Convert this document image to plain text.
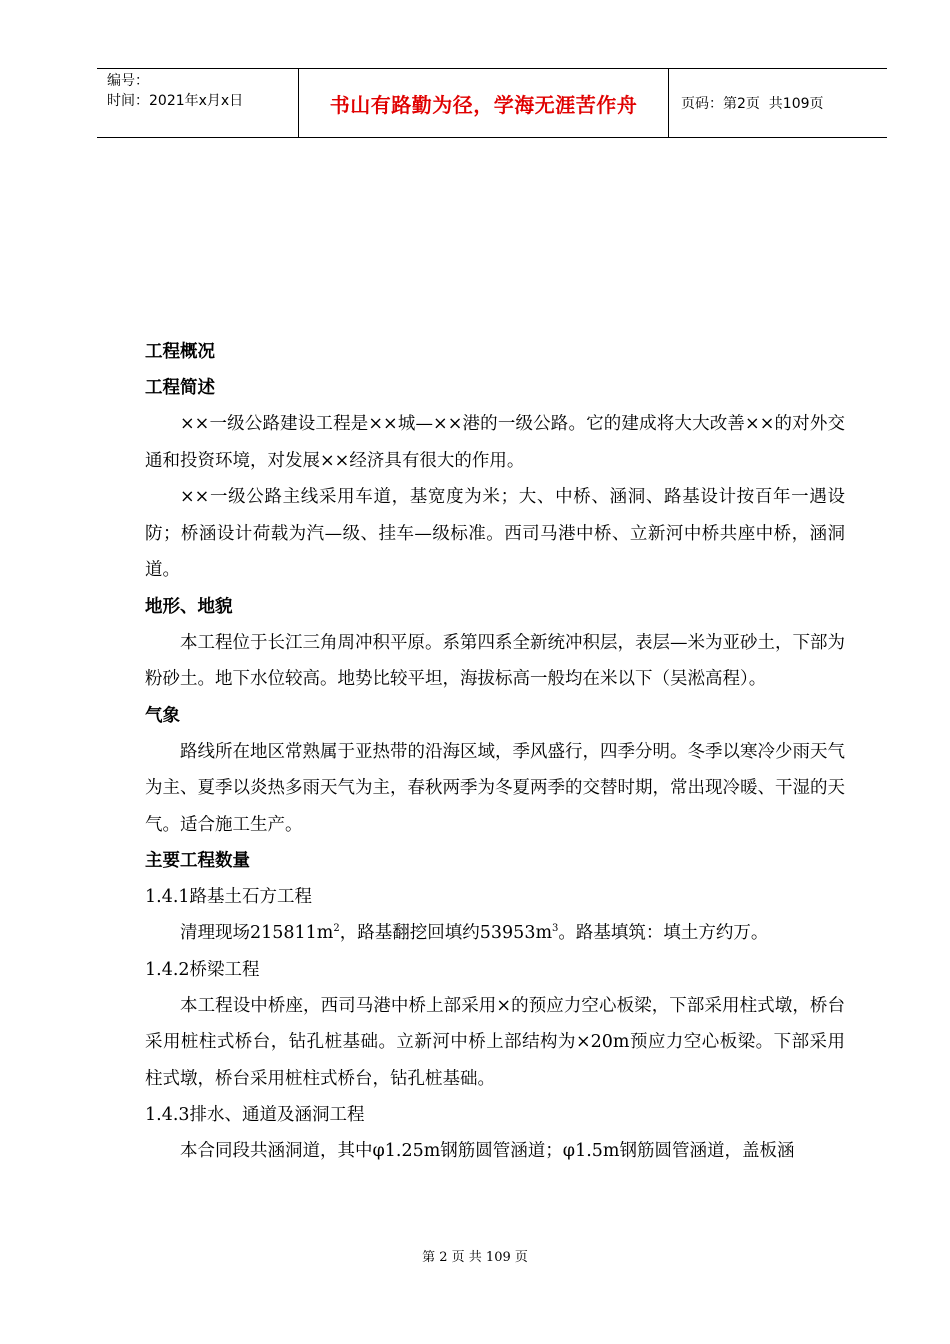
编号：
时间：2021年x月x日	书山有路勤为径，学海无涯苦作舟	页码：第2页  共109页
工程概况
工程简述

××一级公路建设工程是××城—××港的一级公路。它的建成将大大改善××的对外交通和投资环境，对发展××经济具有很大的作用。

××一级公路主线采用车道，基宽度为米；大、中桥、涵洞、路基设计按百年一遇设防；桥涵设计荷载为汽—级、挂车—级标准。西司马港中桥、立新河中桥共座中桥，涵洞道。

地形、地貌

本工程位于长江三角周冲积平原。系第四系全新统冲积层，表层—米为亚砂土，下部为粉砂土。地下水位较高。地势比较平坦，海拔标高一般均在米以下（吴淞高程）。

气象

路线所在地区常熟属于亚热带的沿海区域，季风盛行，四季分明。冬季以寒冷少雨天气为主、夏季以炎热多雨天气为主，春秋两季为冬夏两季的交替时期，常出现冷暖、干湿的天气。适合施工生产。

主要工程数量
1.4.1路基土石方工程

清理现场$215811m^2$，路基翻挖回填约$53953m^3$。路基填筑：填土方约万。

1.4.2桥梁工程

本工程设中桥座，西司马港中桥上部采用×的预应力空心板梁，下部采用柱式墩，桥台采用桩柱式桥台，钻孔桩基础。立新河中桥上部结构为×20m预应力空心板梁。下部采用柱式墩，桥台采用桩柱式桥台，钻孔桩基础。

1.4.3排水、通道及涵洞工程

本合同段共涵洞道，其中φ1.25m钢筋圆管涵道；φ1.5m钢筋圆管涵道，盖板涵

第 2 页 共 109 页
